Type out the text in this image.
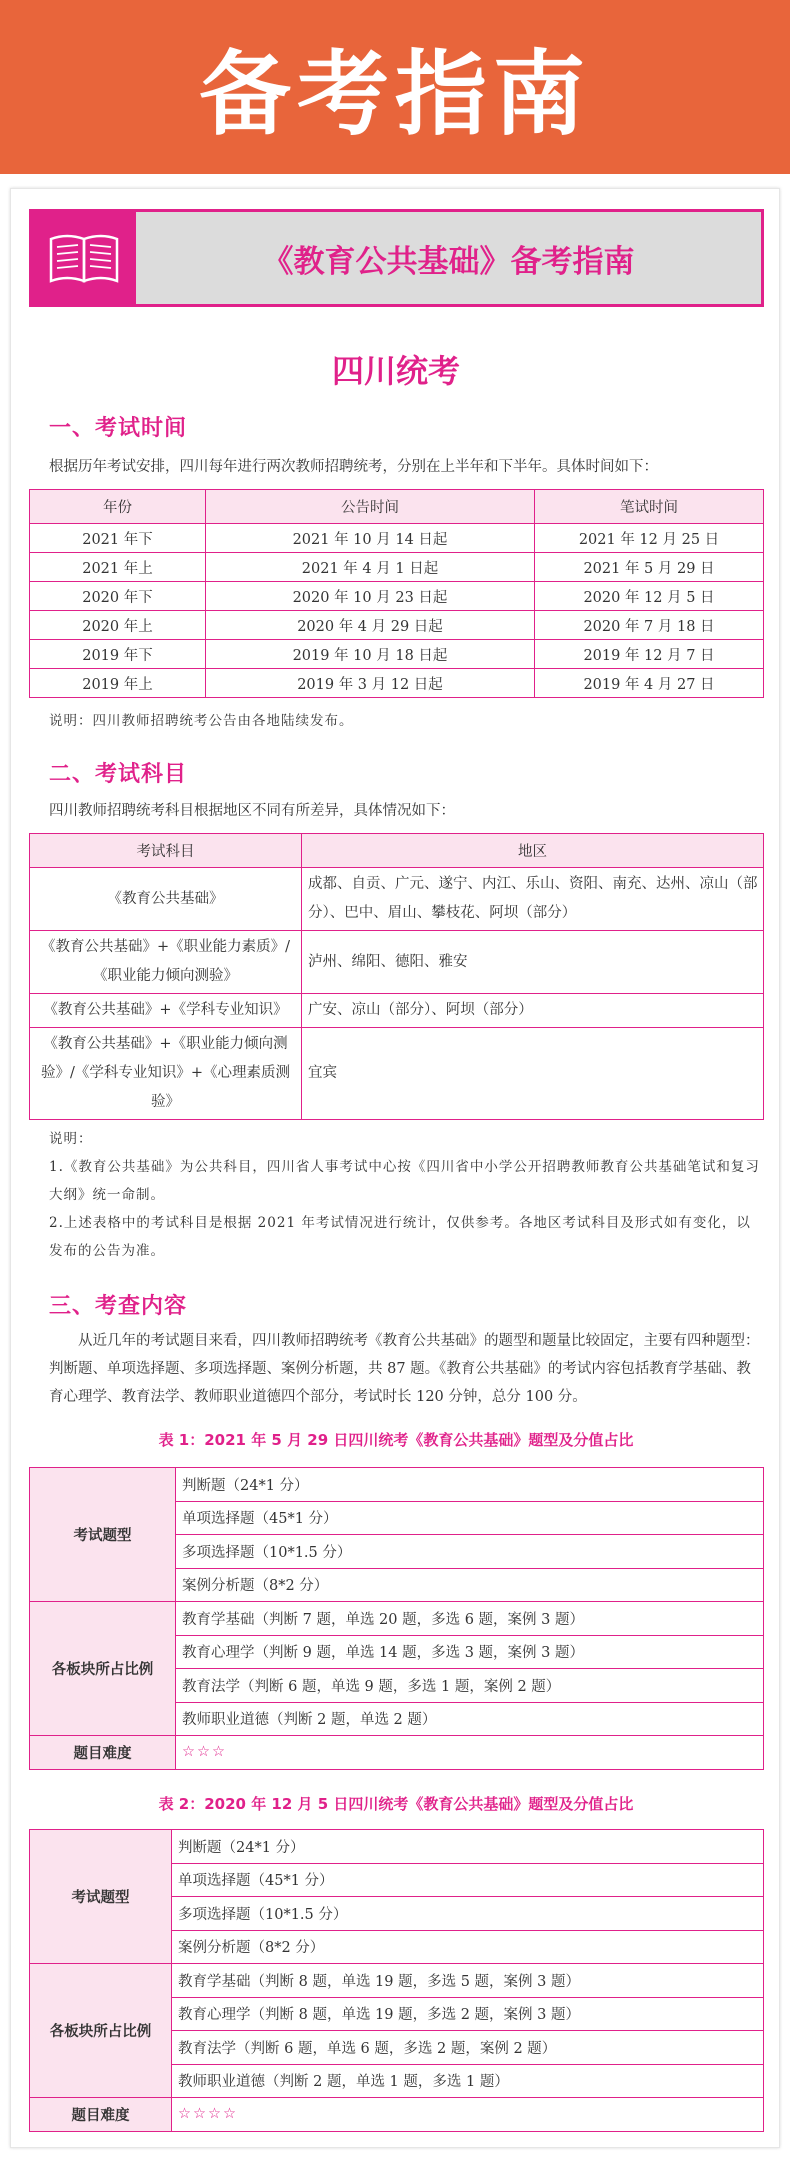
备考指南
《教育公共基础》备考指南
四川统考
一、考试时间
根据历年考试安排，四川每年进行两次教师招聘统考，分别在上半年和下半年。具体时间如下：
年份	公告时间	笔试时间
2021 年下	2021 年 10 月 14 日起	2021 年 12 月 25 日
2021 年上	2021 年 4 月 1 日起	2021 年 5 月 29 日
2020 年下	2020 年 10 月 23 日起	2020 年 12 月 5 日
2020 年上	2020 年 4 月 29 日起	2020 年 7 月 18 日
2019 年下	2019 年 10 月 18 日起	2019 年 12 月 7 日
2019 年上	2019 年 3 月 12 日起	2019 年 4 月 27 日
说明：四川教师招聘统考公告由各地陆续发布。
二、考试科目
四川教师招聘统考科目根据地区不同有所差异，具体情况如下：
考试科目	地区
《教育公共基础》	成都、自贡、广元、遂宁、内江、乐山、资阳、南充、达州、凉山（部分）、巴中、眉山、攀枝花、阿坝（部分）
《教育公共基础》+《职业能力素质》/《职业能力倾向测验》	泸州、绵阳、德阳、雅安
《教育公共基础》+《学科专业知识》	广安、凉山（部分）、阿坝（部分）
《教育公共基础》+《职业能力倾向测验》/《学科专业知识》+《心理素质测验》	宜宾
说明：
1.《教育公共基础》为公共科目，四川省人事考试中心按《四川省中小学公开招聘教师教育公共基础笔试和复习大纲》统一命制。
2.上述表格中的考试科目是根据 2021 年考试情况进行统计，仅供参考。各地区考试科目及形式如有变化，以发布的公告为准。
三、考查内容
从近几年的考试题目来看，四川教师招聘统考《教育公共基础》的题型和题量比较固定，主要有四种题型：判断题、单项选择题、多项选择题、案例分析题，共 87 题。《教育公共基础》的考试内容包括教育学基础、教育心理学、教育法学、教师职业道德四个部分，考试时长 120 分钟，总分 100 分。
表 1：2021 年 5 月 29 日四川统考《教育公共基础》题型及分值占比
考试题型	判断题（24*1 分）
	单项选择题（45*1 分）
	多项选择题（10*1.5 分）
	案例分析题（8*2 分）
各板块所占比例	教育学基础（判断 7 题，单选 20 题，多选 6 题，案例 3 题）
	教育心理学（判断 9 题，单选 14 题，多选 3 题，案例 3 题）
	教育法学（判断 6 题，单选 9 题，多选 1 题，案例 2 题）
	教师职业道德（判断 2 题，单选 2 题）
题目难度	☆☆☆
表 2：2020 年 12 月 5 日四川统考《教育公共基础》题型及分值占比
考试题型	判断题（24*1 分）
	单项选择题（45*1 分）
	多项选择题（10*1.5 分）
	案例分析题（8*2 分）
各板块所占比例	教育学基础（判断 8 题，单选 19 题，多选 5 题，案例 3 题）
	教育心理学（判断 8 题，单选 19 题，多选 2 题，案例 3 题）
	教育法学（判断 6 题，单选 6 题，多选 2 题，案例 2 题）
	教师职业道德（判断 2 题，单选 1 题，多选 1 题）
题目难度	☆☆☆☆
